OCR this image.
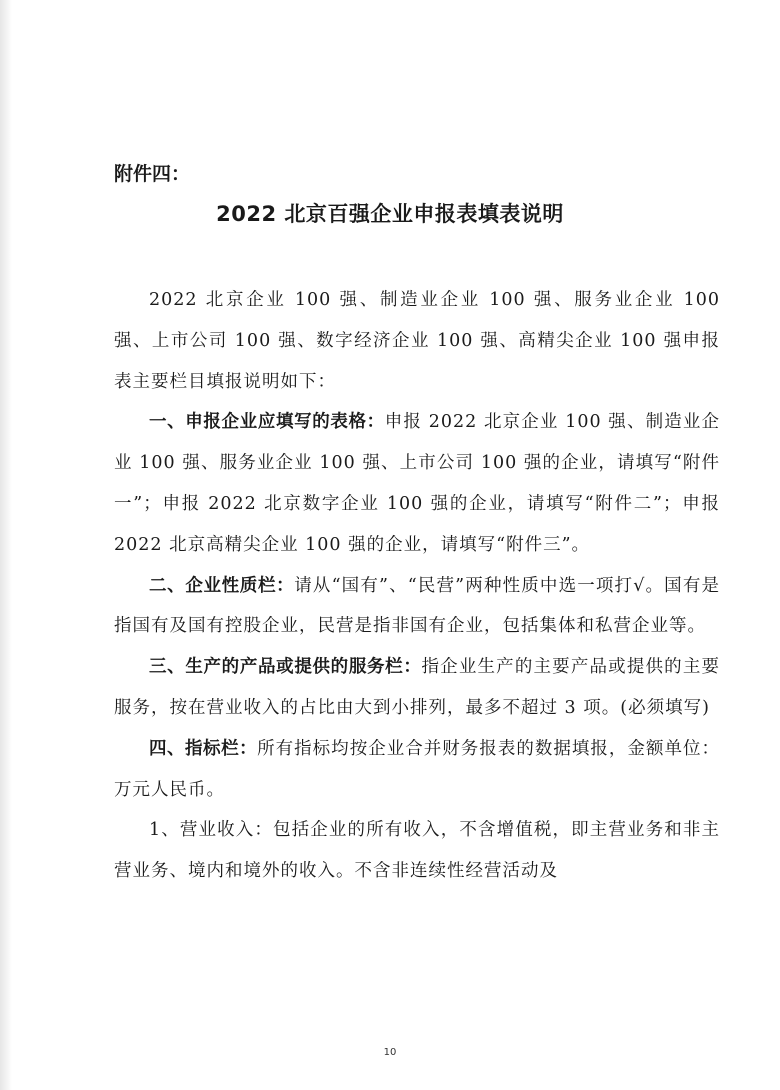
附件四：
2022 北京百强企业申报表填表说明

2022 北京企业 100 强、制造业企业 100 强、服务业企业 100 强、上市公司 100 强、数字经济企业 100 强、高精尖企业 100 强申报表主要栏目填报说明如下：

一、申报企业应填写的表格：申报 2022 北京企业 100 强、制造业企业 100 强、服务业企业 100 强、上市公司 100 强的企业，请填写“附件一”；申报 2022 北京数字企业 100 强的企业，请填写“附件二”；申报 2022 北京高精尖企业 100 强的企业，请填写“附件三”。

二、企业性质栏：请从“国有”、“民营”两种性质中选一项打√。国有是指国有及国有控股企业，民营是指非国有企业，包括集体和私营企业等。

三、生产的产品或提供的服务栏：指企业生产的主要产品或提供的主要服务，按在营业收入的占比由大到小排列，最多不超过 3 项。(必须填写)

四、指标栏：所有指标均按企业合并财务报表的数据填报，金额单位：万元人民币。

1、营业收入：包括企业的所有收入，不含增值税，即主营业务和非主营业务、境内和境外的收入。不含非连续性经营活动及

10
